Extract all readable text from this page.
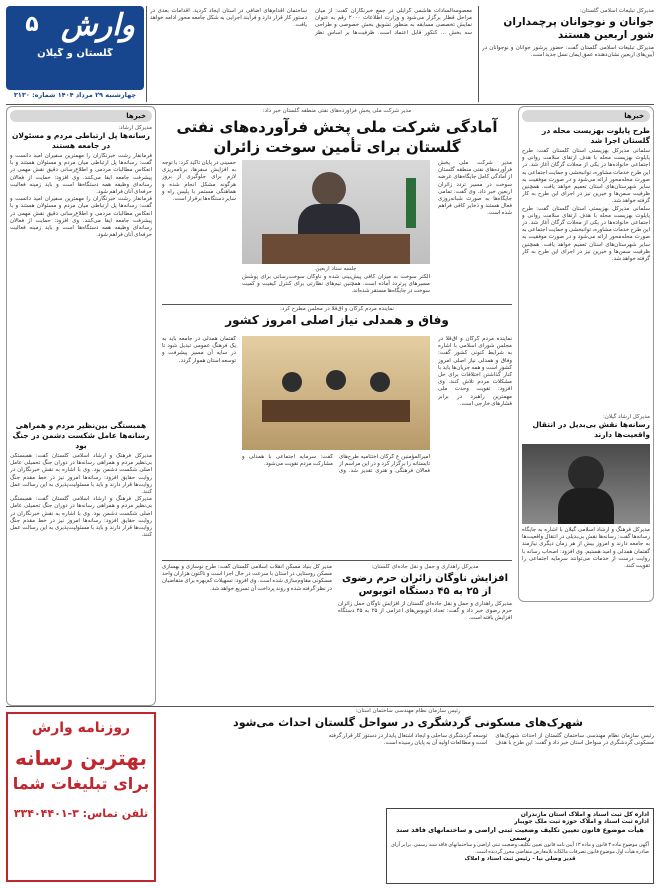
۵ وارش
گلستان و گیلان
چهارشنبه ۲۹ مرداد ۱۴۰۴ شماره: ۳۱۳۰
معصومه‌السادات هاشمی گرایلی در جمع خبرنگاران گفت: از میان مراحل قطار برگزار می‌شود و وزارت اطلاعات ۲۰۰۰ رقم به عنوان نمایش تخصصی مسابقه به منظور تشویق بخش خصوصی و طراحی سه بخش ... کنکور قابل اعتماد است. ظرفیت‌ها بر اساس نظر ساختمان اقدام‌های اضافی در استان ایجاد گردید. اقدامات بعدی در دستور کار قرار دارد و فرآیند اجرایی به شکل جامعه محور ادامه خواهد یافت.
مدیرکل تبلیغات اسلامی گلستان:
جوانان و نوجوانان پرچمداران شور اربعین هستند
مدیرکل تبلیغات اسلامی گلستان گفت: حضور پرشور جوانان و نوجوانان در آیین‌های اربعین نشان‌دهنده عمق ایمان نسل جدید است.
خبرها
طرح پایلوت بهزیست محله در گلستان اجرا شد
سلمانی مدیرکل بهزیستی استان گلستان گفت: طرح پایلوت بهزیست محله با هدف ارتقای سلامت روانی و اجتماعی خانواده‌ها در یکی از محلات گرگان آغاز شد. در این طرح خدمات مشاوره، توانبخشی و حمایت اجتماعی به صورت محله‌محور ارائه می‌شود و در صورت موفقیت به سایر شهرستان‌های استان تعمیم خواهد یافت. همچنین ظرفیت سمن‌ها و خیرین نیز در اجرای این طرح به کار گرفته خواهد شد.
سلمانی مدیرکل بهزیستی استان گلستان گفت: طرح پایلوت بهزیست محله با هدف ارتقای سلامت روانی و اجتماعی خانواده‌ها در یکی از محلات گرگان آغاز شد. در این طرح خدمات مشاوره، توانبخشی و حمایت اجتماعی به صورت محله‌محور ارائه می‌شود و در صورت موفقیت به سایر شهرستان‌های استان تعمیم خواهد یافت. همچنین ظرفیت سمن‌ها و خیرین نیز در اجرای این طرح به کار گرفته خواهد شد.
مدیرکل ارشاد گیلان:
رسانه‌ها نقش بی‌بدیل در انتقال واقعیت‌ها دارند
مدیرکل فرهنگ و ارشاد اسلامی گیلان با اشاره به جایگاه رسانه‌ها گفت: رسانه‌ها نقش بی‌بدیلی در انتقال واقعیت‌ها به جامعه دارند و امروز بیش از هر زمان دیگری نیازمند گفتمان همدلی و امید هستیم. وی افزود: اصحاب رسانه با روایت درست از خدمات می‌توانند سرمایه اجتماعی را تقویت کنند.
خبرها
مدیرکل ارشاد:
رسانه‌ها پل ارتباطی مردم و مسئولان در جامعه هستند
فرمانفار رشت خبرنگاران را مهمترین سفیران امید دانست و گفت: رسانه‌ها پل ارتباطی میان مردم و مسئولان هستند و با انعکاس مطالبات مردمی و اطلاع‌رسانی دقیق نقش مهمی در پیشرفت جامعه ایفا می‌کنند. وی افزود: حمایت از فعالان رسانه‌ای وظیفه همه دستگاه‌ها است و باید زمینه فعالیت حرفه‌ای آنان فراهم شود.
فرمانفار رشت خبرنگاران را مهمترین سفیران امید دانست و گفت: رسانه‌ها پل ارتباطی میان مردم و مسئولان هستند و با انعکاس مطالبات مردمی و اطلاع‌رسانی دقیق نقش مهمی در پیشرفت جامعه ایفا می‌کنند. وی افزود: حمایت از فعالان رسانه‌ای وظیفه همه دستگاه‌ها است و باید زمینه فعالیت حرفه‌ای آنان فراهم شود.
همبستگی بین‌نظیر مردم و همراهی رسانه‌ها عامل شکست دشمن در جنگ بود
مدیرکل فرهنگ و ارشاد اسلامی گلستان گفت: همبستگی بی‌نظیر مردم و همراهی رسانه‌ها در دوران جنگ تحمیلی عامل اصلی شکست دشمن بود. وی با اشاره به نقش خبرنگاران در روایت حقایق افزود: رسانه‌ها امروز نیز در خط مقدم جنگ روایت‌ها قرار دارند و باید با مسئولیت‌پذیری به این رسالت عمل کنند.
مدیرکل فرهنگ و ارشاد اسلامی گلستان گفت: همبستگی بی‌نظیر مردم و همراهی رسانه‌ها در دوران جنگ تحمیلی عامل اصلی شکست دشمن بود. وی با اشاره به نقش خبرنگاران در روایت حقایق افزود: رسانه‌ها امروز نیز در خط مقدم جنگ روایت‌ها قرار دارند و باید با مسئولیت‌پذیری به این رسالت عمل کنند.
مدیر شرکت ملی پخش فراورده‌های نفتی منطقه گلستان خبر داد:
آمادگی شرکت ملی پخش فرآورده‌های نفتی گلستان برای تأمین سوخت زائران
مدیر شرکت ملی پخش فرآورده‌های نفتی منطقه گلستان از آمادگی کامل جایگاه‌های عرضه سوخت در مسیر تردد زائران اربعین خبر داد. وی گفت: تمامی جایگاه‌ها به صورت شبانه‌روزی فعال هستند و ذخایر کافی فراهم شده است.
جلسه ستاد اربعین
الکتر سوخت به میزان کافی پیش‌بینی شده و ناوگان سوخت‌رسانی برای پوشش مسیرهای پرتردد آماده است. همچنین تیم‌های نظارتی برای کنترل کیفیت و کمیت سوخت در جایگاه‌ها مستقر شده‌اند.
حسینی در پایان تأکید کرد: با توجه به افزایش سفرها، برنامه‌ریزی لازم برای جلوگیری از بروز هرگونه مشکل انجام شده و هماهنگی مستمر با پلیس راه و سایر دستگاه‌ها برقرار است.
نماینده مردم گرگان و آق‌قلا در مجلس مطرح کرد:
وفاق و همدلی نیاز اصلی امروز کشور
نماینده مردم گرگان و آق‌قلا در مجلس شورای اسلامی با اشاره به شرایط کنونی کشور گفت: وفاق و همدلی نیاز اصلی امروز کشور است و همه جریان‌ها باید با کنار گذاشتن اختلافات برای حل مشکلات مردم تلاش کنند. وی افزود: تقویت وحدت ملی مهمترین راهبرد در برابر فشارهای خارجی است.
امیرالمؤمنین ع گرگان اختتامیه طرح‌های تابستانه را برگزار کرد و در این مراسم از فعالان فرهنگی و هنری تقدیر شد. وی گفت: سرمایه اجتماعی با همدلی و مشارکت مردم تقویت می‌شود.
گفتمان همدلی در جامعه باید به یک فرهنگ عمومی تبدیل شود تا در سایه آن مسیر پیشرفت و توسعه استان هموار گردد.
مدیر کل بنیاد مسکن انقلاب اسلامی گلستان گفت: طرح نوسازی و بهسازی مسکن روستایی در استان با سرعت در حال اجرا است و تاکنون هزاران واحد مسکونی مقاوم‌سازی شده است. وی افزود: تسهیلات کم‌بهره برای متقاضیان در نظر گرفته شده و روند پرداخت آن تسریع خواهد شد.
مدیرکل راهداری و حمل و نقل جاده‌ای گلستان:
افزایش ناوگان زائران حرم رضوی از ۲۵ به ۴۵ دستگاه اتوبوس
مدیرکل راهداری و حمل و نقل جاده‌ای گلستان از افزایش ناوگان حمل زائران حرم رضوی خبر داد و گفت: تعداد اتوبوس‌های اعزامی از ۲۵ به ۴۵ دستگاه افزایش یافته است.
رئیس سازمان نظام مهندسی ساختمان استان:
شهرک‌های مسکونی گردشگری در سواحل گلستان احداث می‌شود
رئیس سازمان نظام مهندسی ساختمان گلستان از احداث شهرک‌های مسکونی گردشگری در سواحل استان خبر داد و گفت: این طرح با هدف توسعه گردشگری ساحلی و ایجاد اشتغال پایدار در دستور کار قرار گرفته است و مطالعات اولیه آن به پایان رسیده است.
اداره کل ثبت اسناد و املاک استان مازندران
اداره ثبت اسناد و املاک حوزه ثبت ملک جویبار
هیأت موضوع قانون تعیین تکلیف وضعیت ثبتی اراضی و ساختمانهای فاقد سند رسمی
آگهی موضوع ماده ۳ قانون و ماده ۱۳ آیین نامه قانون تعیین تکلیف وضعیت ثبتی اراضی و ساختمانهای فاقد سند رسمی. برابر آرای صادره هیأت اول موضوع قانون تصرفات مالکانه بلامعارض متقاضی محرز گردیده است.
قدیر وصلی نیا - رئیس ثبت اسناد و املاک
روزنامه وارش
بهترین رسانه
برای تبلیغات شما
تلفن تماس: ۳-۳۳۴۰۴۴۰۱
